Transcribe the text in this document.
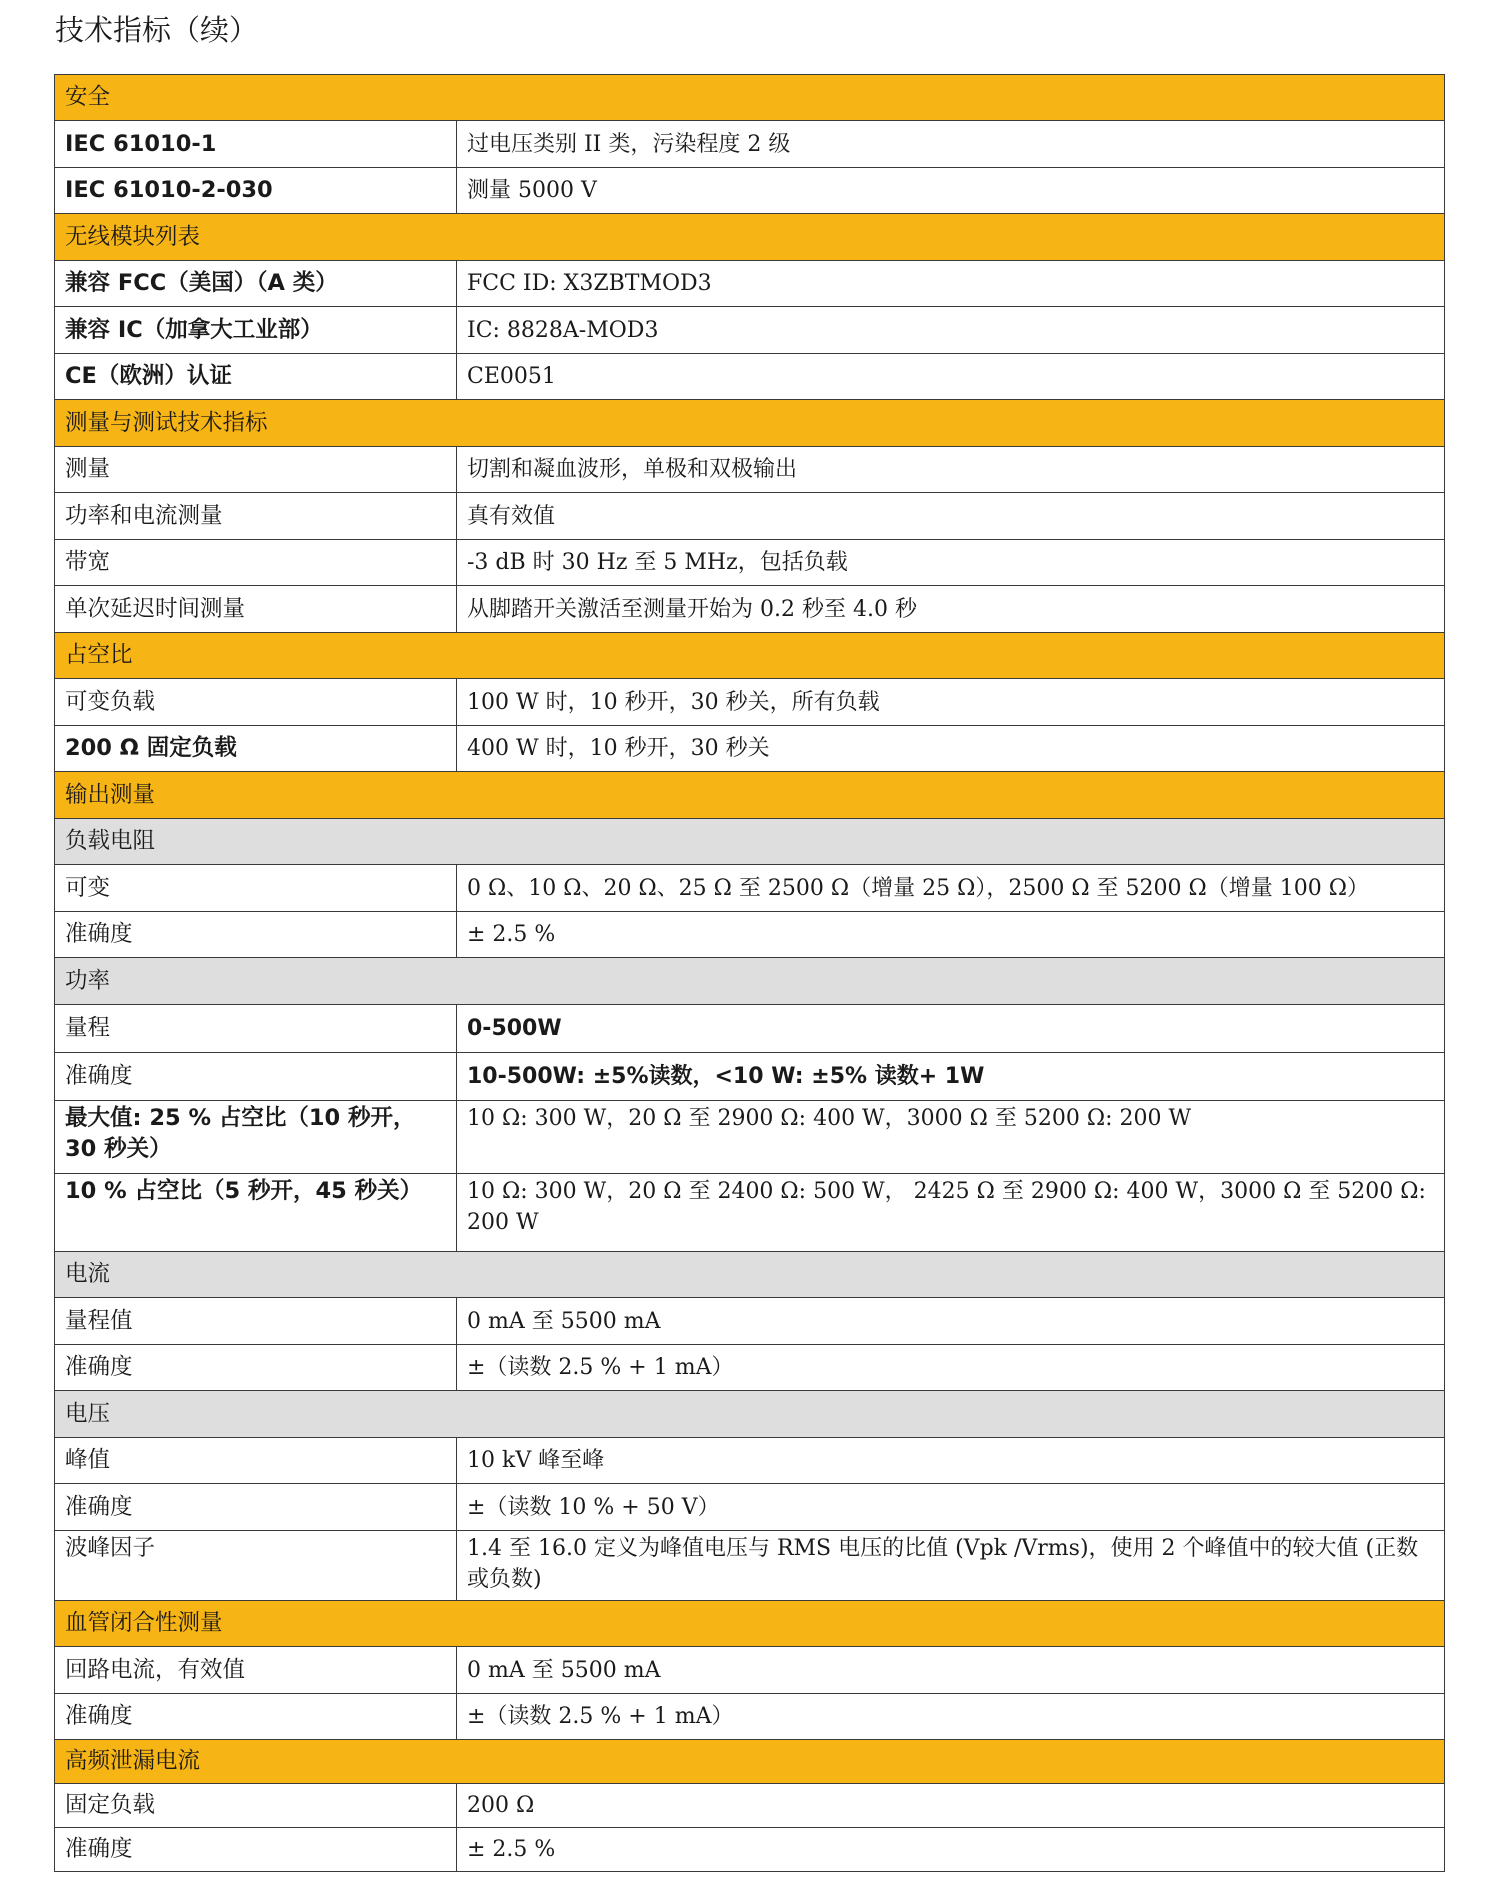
技术指标（续）
安全	
IEC 61010-1	过电压类别 II 类，污染程度 2 级
IEC 61010-2-030	测量 5000 V
无线模块列表	
兼容 FCC（美国）（A 类）	FCC ID: X3ZBTMOD3
兼容 IC（加拿大工业部）	IC: 8828A-MOD3
CE（欧洲）认证	CE0051
测量与测试技术指标	
测量	切割和凝血波形，单极和双极输出
功率和电流测量	真有效值
带宽	-3 dB 时 30 Hz 至 5 MHz，包括负载
单次延迟时间测量	从脚踏开关激活至测量开始为 0.2 秒至 4.0 秒
占空比	
可变负载	100 W 时，10 秒开，30 秒关，所有负载
200 Ω 固定负载	400 W 时，10 秒开，30 秒关
输出测量	
负载电阻	
可变	0 Ω、10 Ω、20 Ω、25 Ω 至 2500 Ω（增量 25 Ω），2500 Ω 至 5200 Ω（增量 100 Ω）
准确度	± 2.5 %
功率	
量程	0-500W
准确度	10-500W: ±5%读数，<10 W: ±5% 读数+ 1W
最大值: 25 % 占空比（10 秒开，30 秒关）	10 Ω: 300 W，20 Ω 至 2900 Ω: 400 W，3000 Ω 至 5200 Ω: 200 W
10 % 占空比（5 秒开，45 秒关）	10 Ω: 300 W，20 Ω 至 2400 Ω: 500 W， 2425 Ω 至 2900 Ω: 400 W，3000 Ω 至 5200 Ω: 200 W
电流	
量程值	0 mA 至 5500 mA
准确度	±（读数 2.5 % + 1 mA）
电压	
峰值	10 kV 峰至峰
准确度	±（读数 10 % + 50 V）
波峰因子	1.4 至 16.0 定义为峰值电压与 RMS 电压的比值 (Vpk /Vrms)，使用 2 个峰值中的较大值 (正数或负数)
血管闭合性测量	
回路电流，有效值	0 mA 至 5500 mA
准确度	±（读数 2.5 % + 1 mA）
高频泄漏电流	
固定负载	200 Ω
准确度	± 2.5 %
